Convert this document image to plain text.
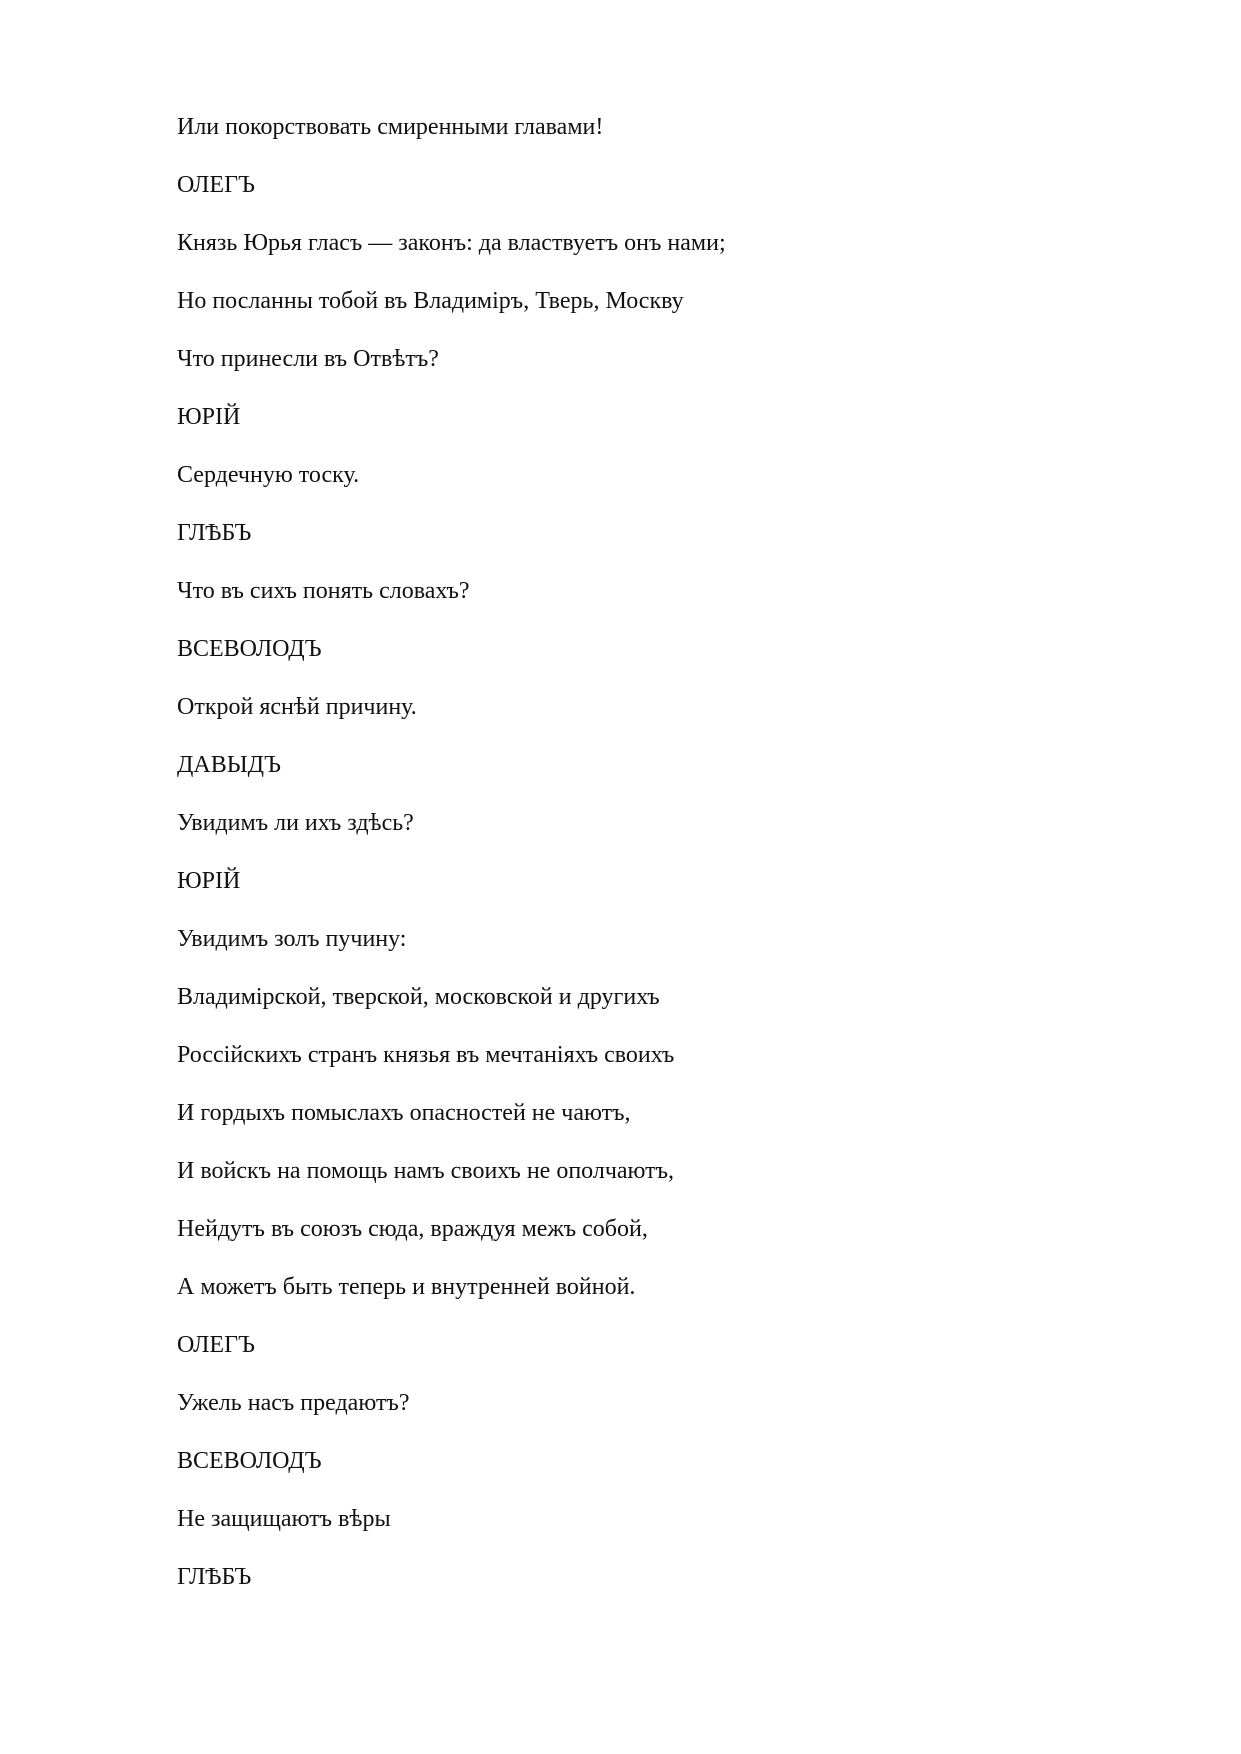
Или покорствовать смиренными главами!
ОЛЕГЪ
Князь Юрья гласъ — законъ: да властвуетъ онъ нами;
Но посланны тобой въ Владиміръ, Тверь, Москву
Что принесли въ Отвѣтъ?
ЮРІЙ
Сердечную тоску.
ГЛѢБЪ
Что въ сихъ понять словахъ?
ВСЕВОЛОДЪ
Открой яснѣй причину.
ДАВЫДЪ
Увидимъ ли ихъ здѣсь?
ЮРІЙ
Увидимъ золъ пучину:
Владимірской, тверской, московской и другихъ
Россійскихъ странъ князья въ мечтаніяхъ своихъ
И гордыхъ помыслахъ опасностей не чаютъ,
И войскъ на помощь намъ своихъ не ополчаютъ,
Нейдутъ въ союзъ сюда, враждуя межъ собой,
А можетъ быть теперь и внутренней войной.
ОЛЕГЪ
Ужель насъ предаютъ?
ВСЕВОЛОДЪ
Не защищаютъ вѣры
ГЛѢБЪ
